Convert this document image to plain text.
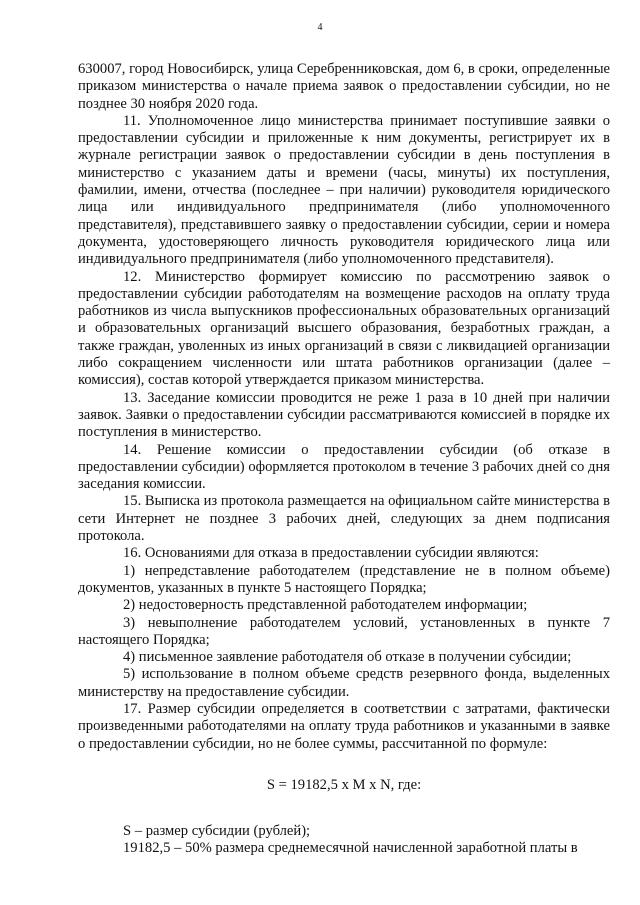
4

630007, город Новосибирск, улица Серебренниковская, дом 6, в сроки, определенные приказом министерства о начале приема заявок о предоставлении субсидии, но не позднее 30 ноября 2020 года.

11. Уполномоченное лицо министерства принимает поступившие заявки о предоставлении субсидии и приложенные к ним документы, регистрирует их в журнале регистрации заявок о предоставлении субсидии в день поступления в министерство с указанием даты и времени (часы, минуты) их поступления, фамилии, имени, отчества (последнее – при наличии) руководителя юридического лица или индивидуального предпринимателя (либо уполномоченного представителя), представившего заявку о предоставлении субсидии, серии и номера документа, удостоверяющего личность руководителя юридического лица или индивидуального предпринимателя (либо уполномоченного представителя).

12. Министерство формирует комиссию по рассмотрению заявок о предоставлении субсидии работодателям на возмещение расходов на оплату труда работников из числа выпускников профессиональных образовательных организаций и образовательных организаций высшего образования, безработных граждан, а также граждан, уволенных из иных организаций в связи с ликвидацией организации либо сокращением численности или штата работников организации (далее – комиссия), состав которой утверждается приказом министерства.

13. Заседание комиссии проводится не реже 1 раза в 10 дней при наличии заявок. Заявки о предоставлении субсидии рассматриваются комиссией в порядке их поступления в министерство.

14. Решение комиссии о предоставлении субсидии (об отказе в предоставлении субсидии) оформляется протоколом в течение 3 рабочих дней со дня заседания комиссии.

15. Выписка из протокола размещается на официальном сайте министерства в сети Интернет не позднее 3 рабочих дней, следующих за днем подписания протокола.

16. Основаниями для отказа в предоставлении субсидии являются:

1) непредставление работодателем (представление не в полном объеме) документов, указанных в пункте 5 настоящего Порядка;

2) недостоверность представленной работодателем информации;

3) невыполнение работодателем условий, установленных в пункте 7 настоящего Порядка;

4) письменное заявление работодателя об отказе в получении субсидии;

5) использование в полном объеме средств резервного фонда, выделенных министерству на предоставление субсидии.

17. Размер субсидии определяется в соответствии с затратами, фактически произведенными работодателями на оплату труда работников и указанными в заявке о предоставлении субсидии, но не более суммы, рассчитанной по формуле:

S = 19182,5 x M x N, где:

S – размер субсидии (рублей);

19182,5 – 50% размера среднемесячной начисленной заработной платы в
